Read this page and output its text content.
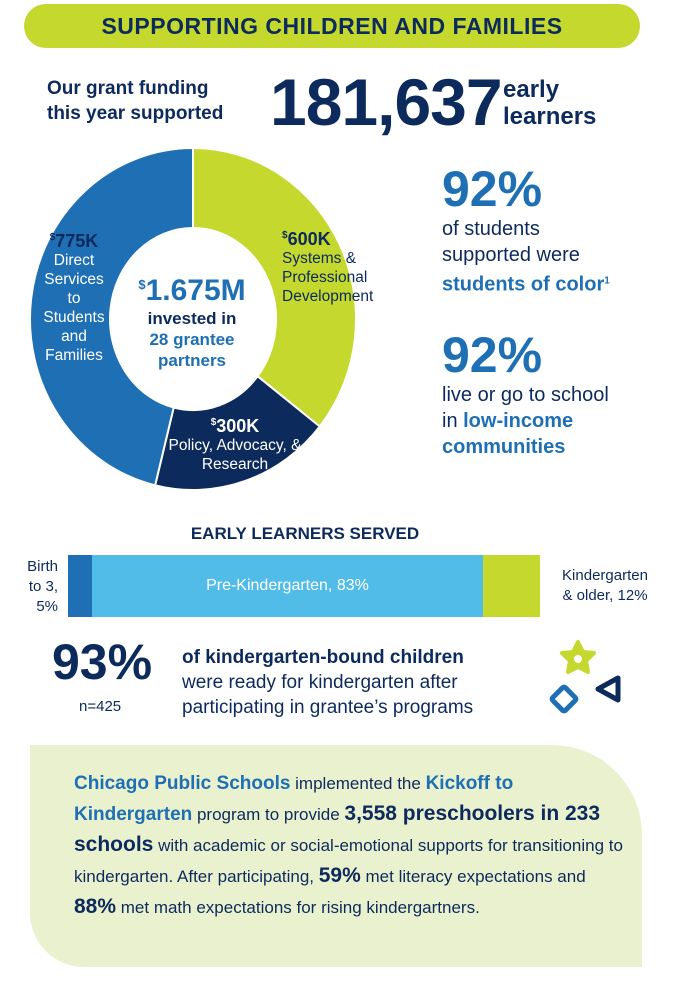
SUPPORTING CHILDREN AND FAMILIES
Our grant funding
this year supported 181,637 early
learners
$775K
Direct
Services
to
Students
and
Families
$600K
Systems &
Professional
Development
$300K
Policy, Advocacy, &
Research
$1.675M
invested in
28 grantee
partners
92%
of students
supported were
students of color$^1$
92%
live or go to school
in low-income
communities
EARLY LEARNERS SERVED
Birth
to 3,
5%
Pre-Kindergarten, 83%
Kindergarten
& older, 12%
93%
n=425
of kindergarten-bound children
were ready for kindergarten after
participating in grantee’s programs
Chicago Public Schools implemented the Kickoff to Kindergarten program to provide 3,558 preschoolers in 233 schools with academic or social-emotional supports for transitioning to kindergarten. After participating, 59% met literacy expectations and 88% met math expectations for rising kindergartners.
